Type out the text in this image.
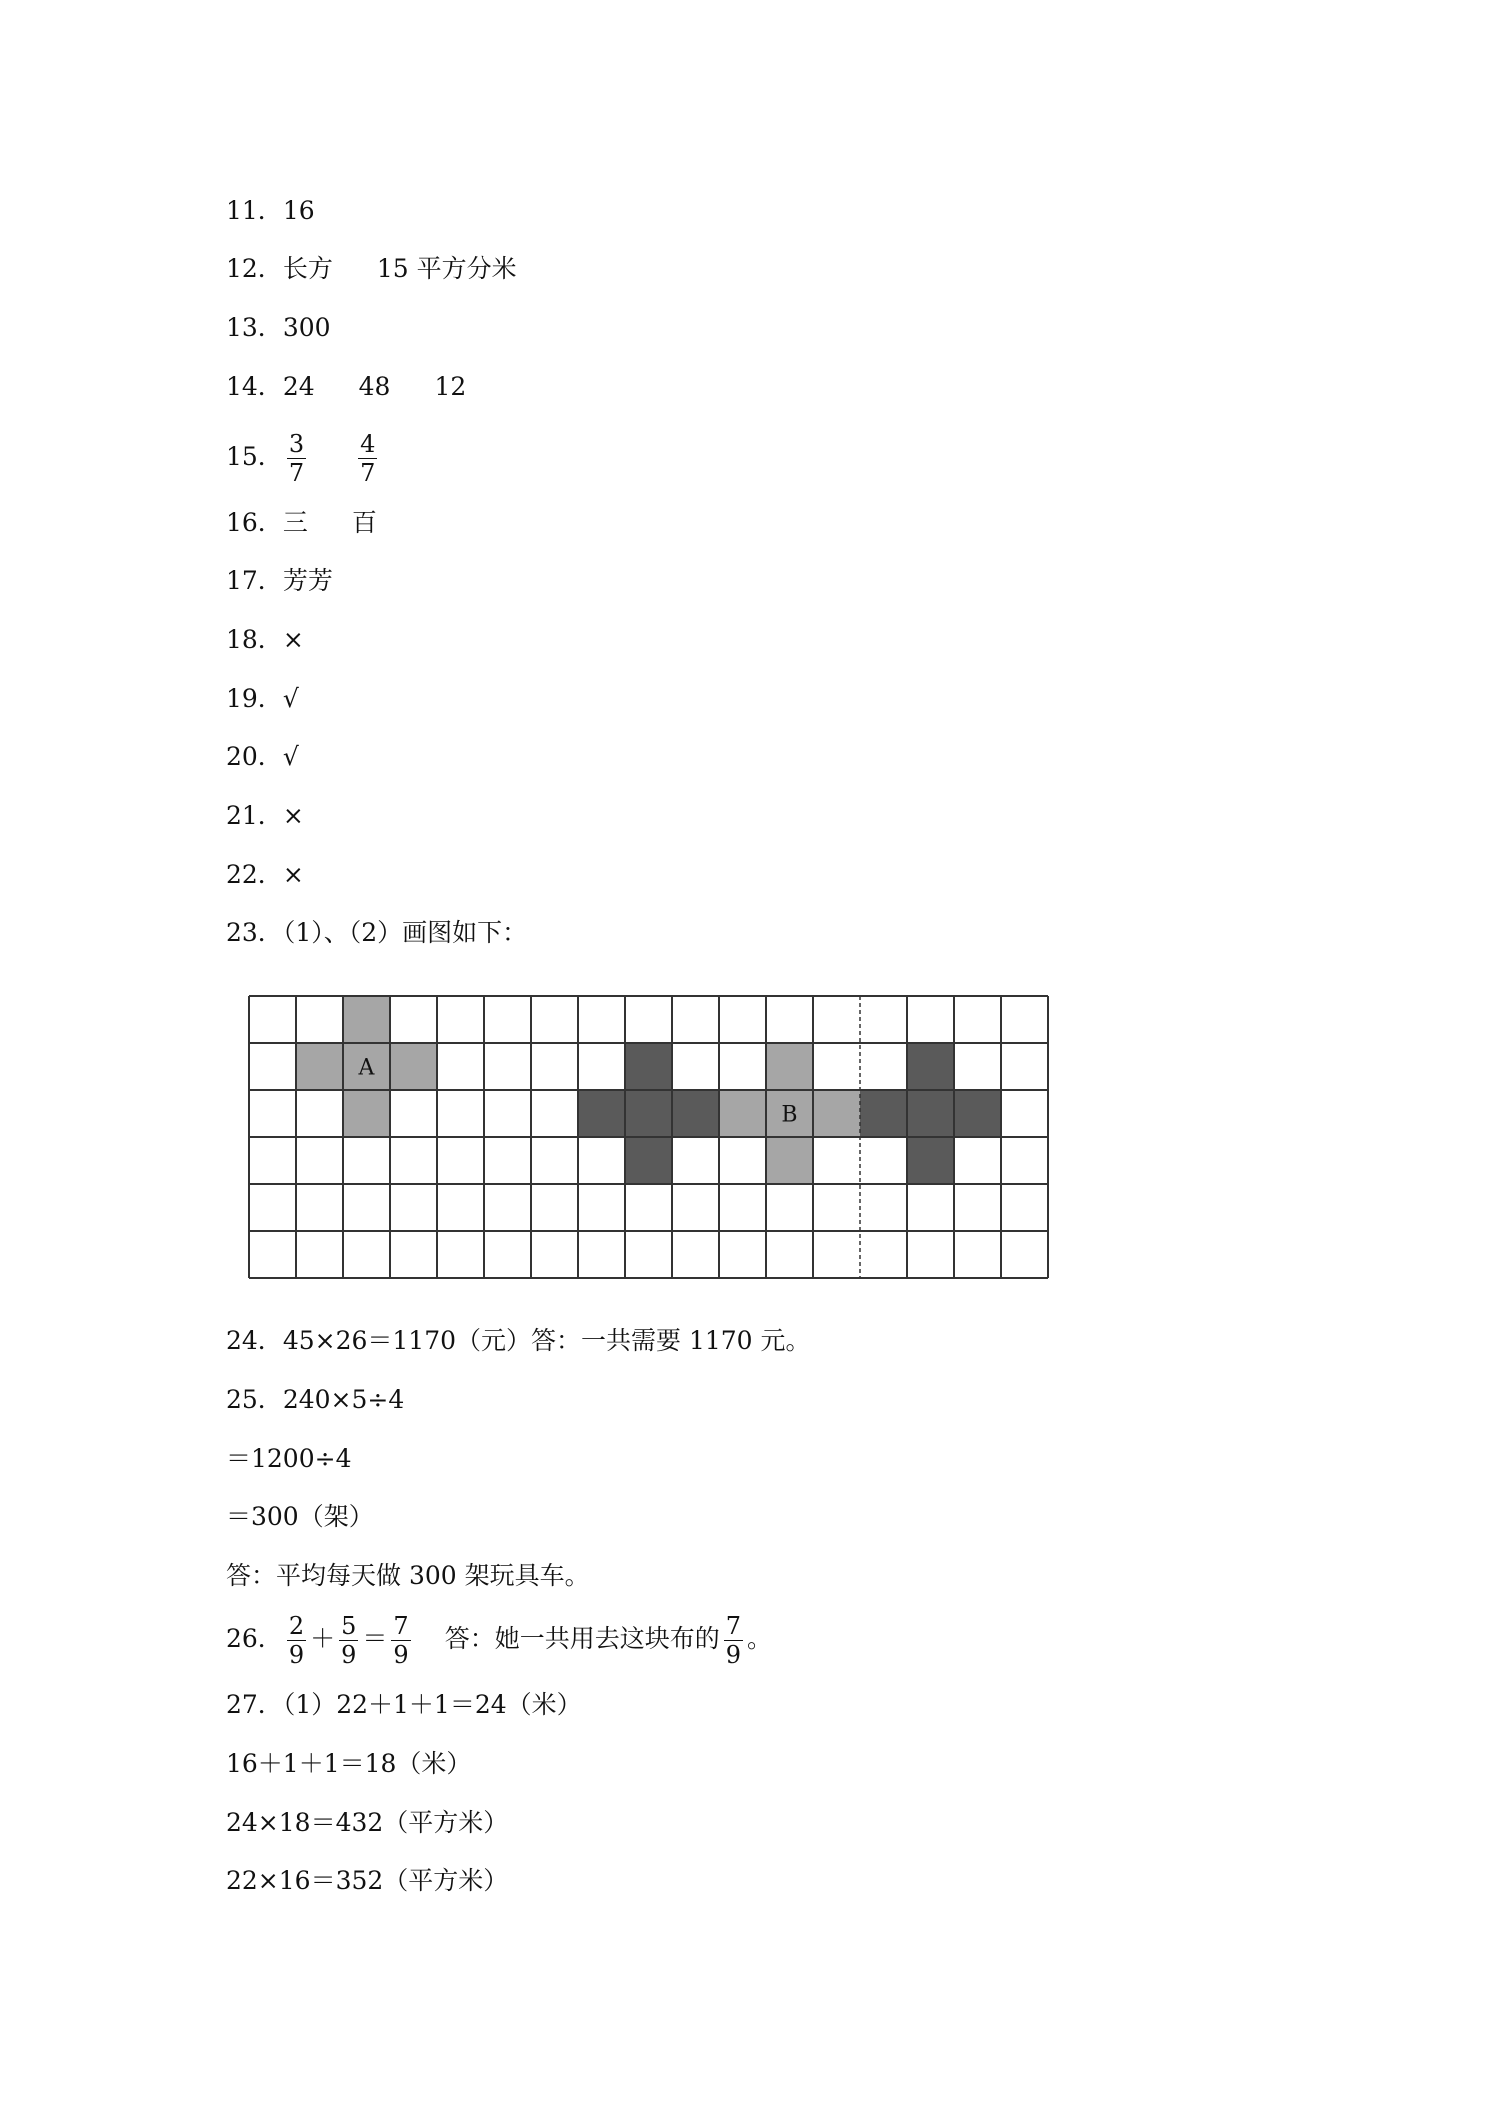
11．16
12．长方 15 平方分米
13．300
14．24 48 12
15． $\frac{3}{7} \frac{4}{7}$
16．三 百
17．芳芳
18．×
19．√
20．√
21．×
22．×
23．（1）、（2）画图如下：
A
B
24．45×26＝1170（元）答：一共需要 1170 元。
25．240×5÷4
＝1200÷4
＝300（架）
答：平均每天做 300 架玩具车。
26． $\frac{2}{9} + \frac{5}{9} = \frac{7}{9}$ 答：她一共用去这块布的 $\frac{7}{9}$ 。
27．（1）22＋1＋1＝24（米）
16＋1＋1＝18（米）
24×18＝432（平方米）
22×16＝352（平方米）
